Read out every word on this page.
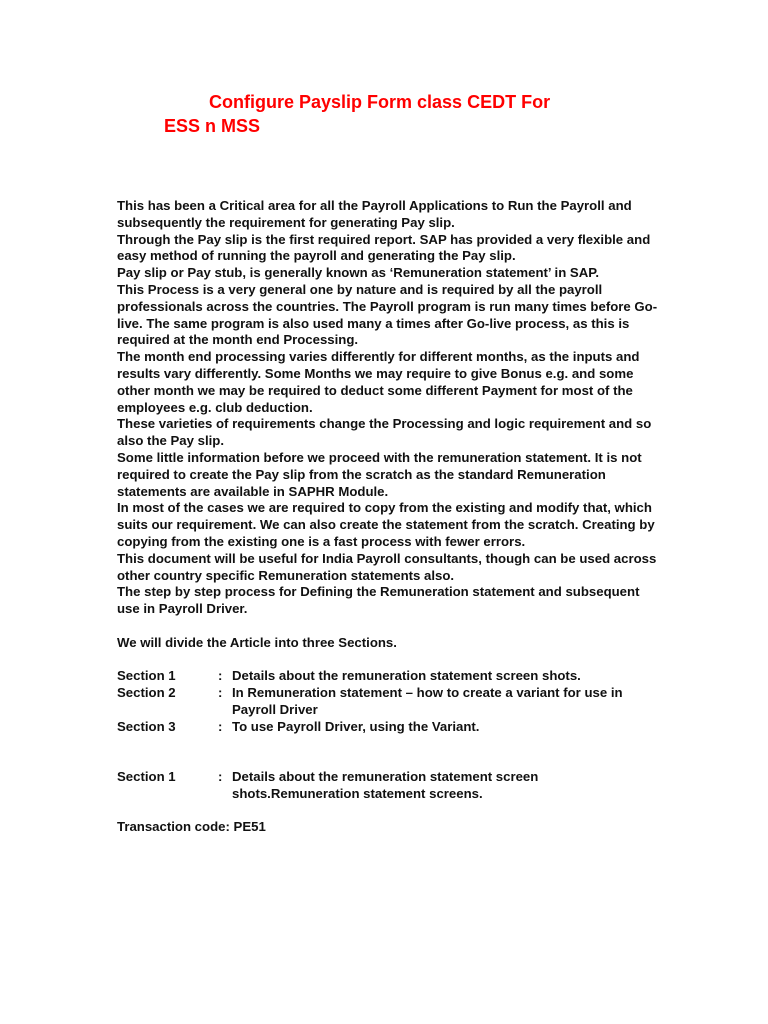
Configure Payslip Form class CEDT For
ESS n MSS

This has been a Critical area for all the Payroll Applications to Run the Payroll and subsequently the requirement for generating Pay slip.

Through the Pay slip is the first required report. SAP has provided a very flexible and easy method of running the payroll and generating the Pay slip.

Pay slip or Pay stub, is generally known as ‘Remuneration statement’ in SAP.

This Process is a very general one by nature and is required by all the payroll professionals across the countries. The Payroll program is run many times before Go-live. The same program is also used many a times after Go-live process, as this is required at the month end Processing.

The month end processing varies differently for different months, as the inputs and results vary differently. Some Months we may require to give Bonus e.g. and some other month we may be required to deduct some different Payment for most of the employees e.g. club deduction.

These varieties of requirements change the Processing and logic requirement and so also the Pay slip.

Some little information before we proceed with the remuneration statement. It is not required to create the Pay slip from the scratch as the standard Remuneration statements are available in SAPHR Module.

In most of the cases we are required to copy from the existing and modify that, which suits our requirement. We can also create the statement from the scratch. Creating by copying from the existing one is a fast process with fewer errors.

This document will be useful for India Payroll consultants, though can be used across other country specific Remuneration statements also.

The step by step process for Defining the Remuneration statement and subsequent use in Payroll Driver.

We will divide the Article into three Sections.

Section 1	: Details about the remuneration statement screen shots.
Section 2	: In Remuneration statement – how to create a variant for use in Payroll Driver
Section 3	: To use Payroll Driver, using the Variant.
Section 1	: Details about the remuneration statement screen shots.Remuneration statement screens.

Transaction code: PE51
